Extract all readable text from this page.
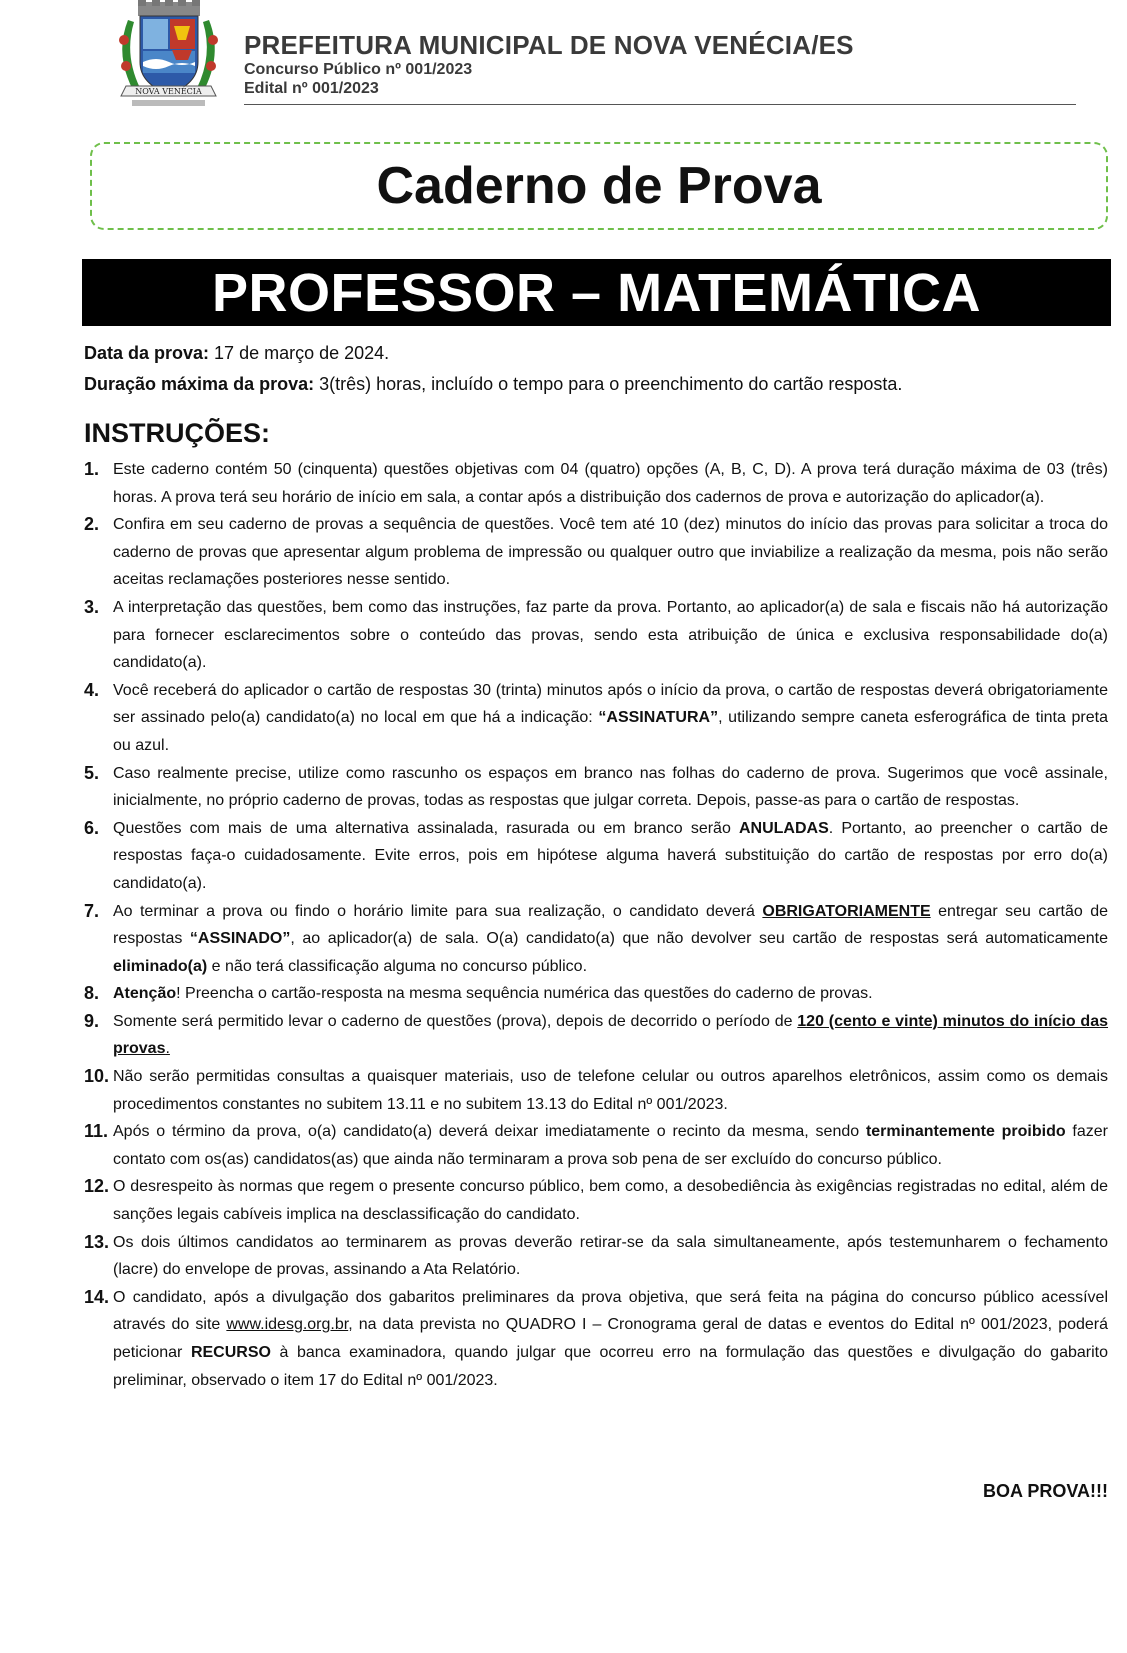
NOVA VENÉCIA
PREFEITURA MUNICIPAL DE NOVA VENÉCIA/ES
Concurso Público nº 001/2023
Edital nº 001/2023
Caderno de Prova
PROFESSOR – MATEMÁTICA
Data da prova: 17 de março de 2024.
Duração máxima da prova: 3(três) horas, incluído o tempo para o preenchimento do cartão resposta.
INSTRUÇÕES:
1. Este caderno contém 50 (cinquenta) questões objetivas com 04 (quatro) opções (A, B, C, D). A prova terá duração máxima de 03 (três) horas. A prova terá seu horário de início em sala, a contar após a distribuição dos cadernos de prova e autorização do aplicador(a).
2. Confira em seu caderno de provas a sequência de questões. Você tem até 10 (dez) minutos do início das provas para solicitar a troca do caderno de provas que apresentar algum problema de impressão ou qualquer outro que inviabilize a realização da mesma, pois não serão aceitas reclamações posteriores nesse sentido.
3. A interpretação das questões, bem como das instruções, faz parte da prova. Portanto, ao aplicador(a) de sala e fiscais não há autorização para fornecer esclarecimentos sobre o conteúdo das provas, sendo esta atribuição de única e exclusiva responsabilidade do(a) candidato(a).
4. Você receberá do aplicador o cartão de respostas 30 (trinta) minutos após o início da prova, o cartão de respostas deverá obrigatoriamente ser assinado pelo(a) candidato(a) no local em que há a indicação: “ASSINATURA”, utilizando sempre caneta esferográfica de tinta preta ou azul.
5. Caso realmente precise, utilize como rascunho os espaços em branco nas folhas do caderno de prova. Sugerimos que você assinale, inicialmente, no próprio caderno de provas, todas as respostas que julgar correta. Depois, passe-as para o cartão de respostas.
6. Questões com mais de uma alternativa assinalada, rasurada ou em branco serão ANULADAS. Portanto, ao preencher o cartão de respostas faça-o cuidadosamente. Evite erros, pois em hipótese alguma haverá substituição do cartão de respostas por erro do(a) candidato(a).
7. Ao terminar a prova ou findo o horário limite para sua realização, o candidato deverá OBRIGATORIAMENTE entregar seu cartão de respostas “ASSINADO”, ao aplicador(a) de sala. O(a) candidato(a) que não devolver seu cartão de respostas será automaticamente eliminado(a) e não terá classificação alguma no concurso público.
8. Atenção! Preencha o cartão-resposta na mesma sequência numérica das questões do caderno de provas.
9. Somente será permitido levar o caderno de questões (prova), depois de decorrido o período de 120 (cento e vinte) minutos do início das provas.
10. Não serão permitidas consultas a quaisquer materiais, uso de telefone celular ou outros aparelhos eletrônicos, assim como os demais procedimentos constantes no subitem 13.11 e no subitem 13.13 do Edital nº 001/2023.
11. Após o término da prova, o(a) candidato(a) deverá deixar imediatamente o recinto da mesma, sendo terminantemente proibido fazer contato com os(as) candidatos(as) que ainda não terminaram a prova sob pena de ser excluído do concurso público.
12. O desrespeito às normas que regem o presente concurso público, bem como, a desobediência às exigências registradas no edital, além de sanções legais cabíveis implica na desclassificação do candidato.
13. Os dois últimos candidatos ao terminarem as provas deverão retirar-se da sala simultaneamente, após testemunharem o fechamento (lacre) do envelope de provas, assinando a Ata Relatório.
14. O candidato, após a divulgação dos gabaritos preliminares da prova objetiva, que será feita na página do concurso público acessível através do site www.idesg.org.br, na data prevista no QUADRO I – Cronograma geral de datas e eventos do Edital nº 001/2023, poderá peticionar RECURSO à banca examinadora, quando julgar que ocorreu erro na formulação das questões e divulgação do gabarito preliminar, observado o item 17 do Edital nº 001/2023.
BOA PROVA!!!
